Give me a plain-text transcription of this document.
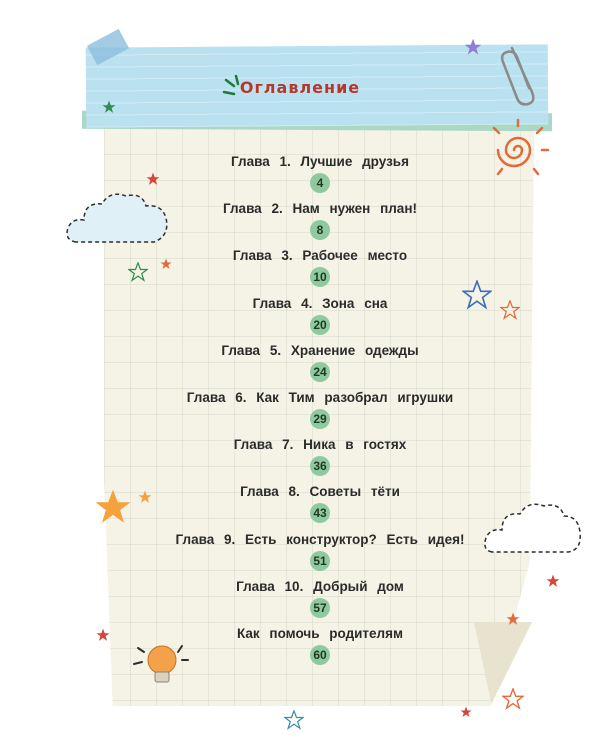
Оглавление
Глава 1. Лучшие друзья
4
Глава 2. Нам нужен план!
8
Глава 3. Рабочее место
10
Глава 4. Зона сна
20
Глава 5. Хранение одежды
24
Глава 6. Как Тим разобрал игрушки
29
Глава 7. Ника в гостях
36
Глава 8. Советы тёти
43
Глава 9. Есть конструктор? Есть идея!
51
Глава 10. Добрый дом
57
Как помочь родителям
60
